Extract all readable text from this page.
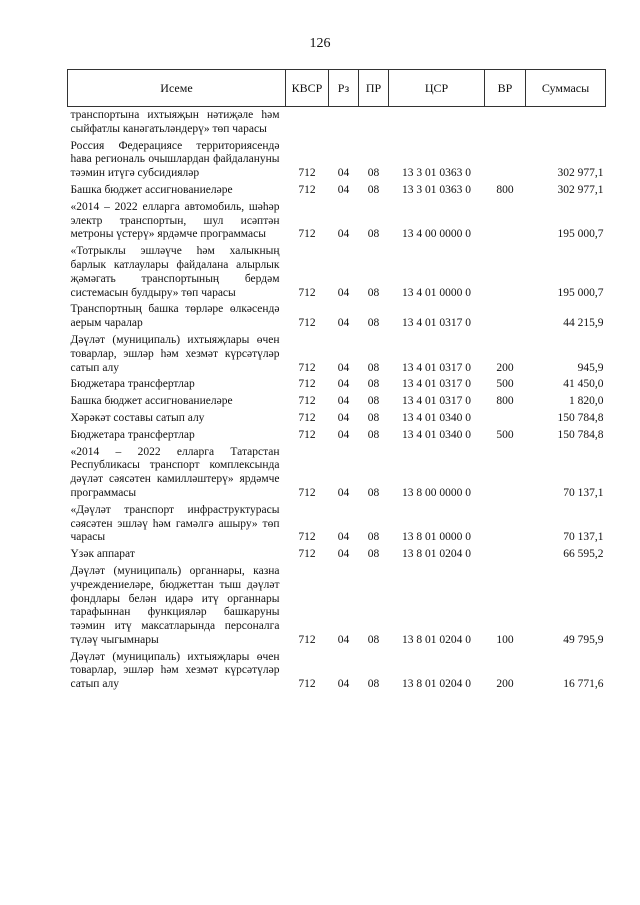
126
Исеме	КВСР	Рз	ПР	ЦСР	ВР	Суммасы
транспортына ихтыяҗын нәтиҗәле һәм сыйфатлы канәгатьләндерү» төп чарасы						
Россия Федерациясе территориясендә һава региональ очышлардан файдалануны тәэмин итүгә субсидияләр	712	04	08	13 3 01 0363 0		302 977,1
Башка бюджет ассигнованиеләре	712	04	08	13 3 01 0363 0	800	302 977,1
«2014 – 2022 елларга автомобиль, шәһәр электр транспортын, шул исәптән метроны үстерү» ярдәмче программасы	712	04	08	13 4 00 0000 0		195 000,7
«Тотрыклы эшләүче һәм халыкның барлык катлаулары файдалана алырлык җәмәгать транспортының бердәм системасын булдыру» төп чарасы	712	04	08	13 4 01 0000 0		195 000,7
Транспортның башка төрләре өлкәсендә аерым чаралар	712	04	08	13 4 01 0317 0		44 215,9
Дәүләт (муниципаль) ихтыяҗлары өчен товарлар, эшләр һәм хезмәт күрсәтүләр сатып алу	712	04	08	13 4 01 0317 0	200	945,9
Бюджетара трансфертлар	712	04	08	13 4 01 0317 0	500	41 450,0
Башка бюджет ассигнованиеләре	712	04	08	13 4 01 0317 0	800	1 820,0
Хәрәкәт составы сатып алу	712	04	08	13 4 01 0340 0		150 784,8
Бюджетара трансфертлар	712	04	08	13 4 01 0340 0	500	150 784,8
«2014 – 2022 елларга Татарстан Республикасы транспорт комплексында дәүләт сәясәтен камилләштерү» ярдәмче программасы	712	04	08	13 8 00 0000 0		70 137,1
«Дәүләт транспорт инфраструктурасы сәясәтен эшләү һәм гамәлгә ашыру» төп чарасы	712	04	08	13 8 01 0000 0		70 137,1
Үзәк аппарат	712	04	08	13 8 01 0204 0		66 595,2
Дәүләт (муниципаль) органнары, казна учреждениеләре, бюджеттан тыш дәүләт фондлары белән идарә итү органнары тарафыннан функцияләр башкаруны тәэмин итү максатларында персоналга түләү чыгымнары	712	04	08	13 8 01 0204 0	100	49 795,9
Дәүләт (муниципаль) ихтыяҗлары өчен товарлар, эшләр һәм хезмәт күрсәтүләр сатып алу	712	04	08	13 8 01 0204 0	200	16 771,6
